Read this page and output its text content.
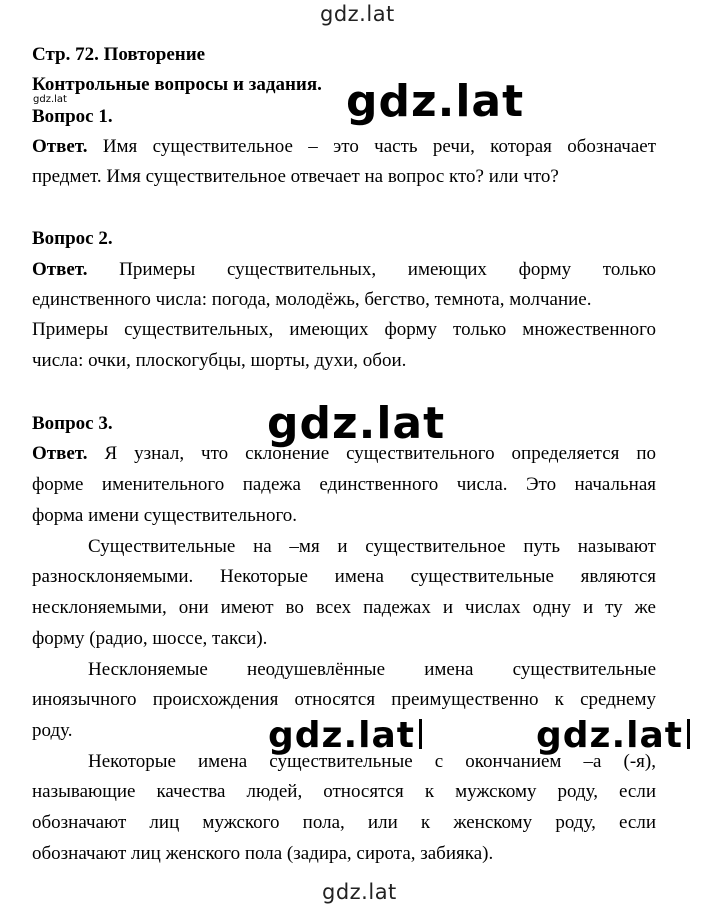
gdz.lat
Стр. 72. Повторение
Контрольные вопросы и задания.
gdz.lat
Вопрос 1.
Ответ. Имя существительное – это часть речи, которая обозначает
предмет. Имя существительное отвечает на вопрос кто? или что?
Вопрос 2.
Ответ. Примеры существительных, имеющих форму только
единственного числа: погода, молодёжь, бегство, темнота, молчание.
Примеры существительных, имеющих форму только множественного
числа: очки, плоскогубцы, шорты, духи, обои.
Вопрос 3.
Ответ. Я узнал, что склонение существительного определяется по
форме именительного падежа единственного числа. Это начальная
форма имени существительного.
Существительные на –мя и существительное путь называют
разносклоняемыми. Некоторые имена существительные являются
несклоняемыми, они имеют во всех падежах и числах одну и ту же
форму (радио, шоссе, такси).
Несклоняемые неодушевлённые имена существительные
иноязычного происхождения относятся преимущественно к среднему
роду.
Некоторые имена существительные с окончанием –а (-я),
называющие качества людей, относятся к мужскому роду, если
обозначают лиц мужского пола, или к женскому роду, если
обозначают лиц женского пола (задира, сирота, забияка).
gdz.lat
gdz.lat
gdz.lat	gdz.lat
gdz.lat
